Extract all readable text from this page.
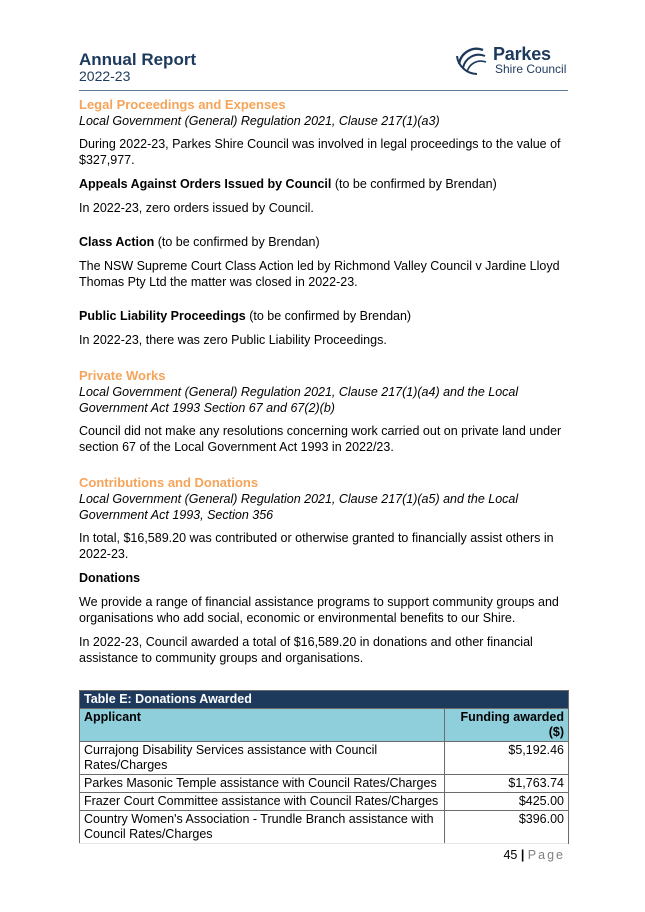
Annual Report
2022-23
Parkes
Shire Council
Legal Proceedings and Expenses
Local Government (General) Regulation 2021, Clause 217(1)(a3)

During 2022-23, Parkes Shire Council was involved in legal proceedings to the value of $327,977.

Appeals Against Orders Issued by Council (to be confirmed by Brendan)

In 2022-23, zero orders issued by Council.

Class Action (to be confirmed by Brendan)

The NSW Supreme Court Class Action led by Richmond Valley Council v Jardine Lloyd Thomas Pty Ltd the matter was closed in 2022-23.

Public Liability Proceedings (to be confirmed by Brendan)

In 2022-23, there was zero Public Liability Proceedings.

Private Works
Local Government (General) Regulation 2021, Clause 217(1)(a4) and the Local Government Act 1993 Section 67 and 67(2)(b)

Council did not make any resolutions concerning work carried out on private land under section 67 of the Local Government Act 1993 in 2022/23.

Contributions and Donations
Local Government (General) Regulation 2021, Clause 217(1)(a5) and the Local Government Act 1993, Section 356

In total, $16,589.20 was contributed or otherwise granted to financially assist others in 2022-23.

Donations

We provide a range of financial assistance programs to support community groups and organisations who add social, economic or environmental benefits to our Shire.

In 2022-23, Council awarded a total of $16,589.20 in donations and other financial assistance to community groups and organisations.

Table E: Donations Awarded	
Applicant	Funding awarded ($)
Currajong Disability Services assistance with Council Rates/Charges	$5,192.46
Parkes Masonic Temple assistance with Council Rates/Charges	$1,763.74
Frazer Court Committee assistance with Council Rates/Charges	$425.00
Country Women's Association - Trundle Branch assistance with Council Rates/Charges	$396.00
45 | Page
